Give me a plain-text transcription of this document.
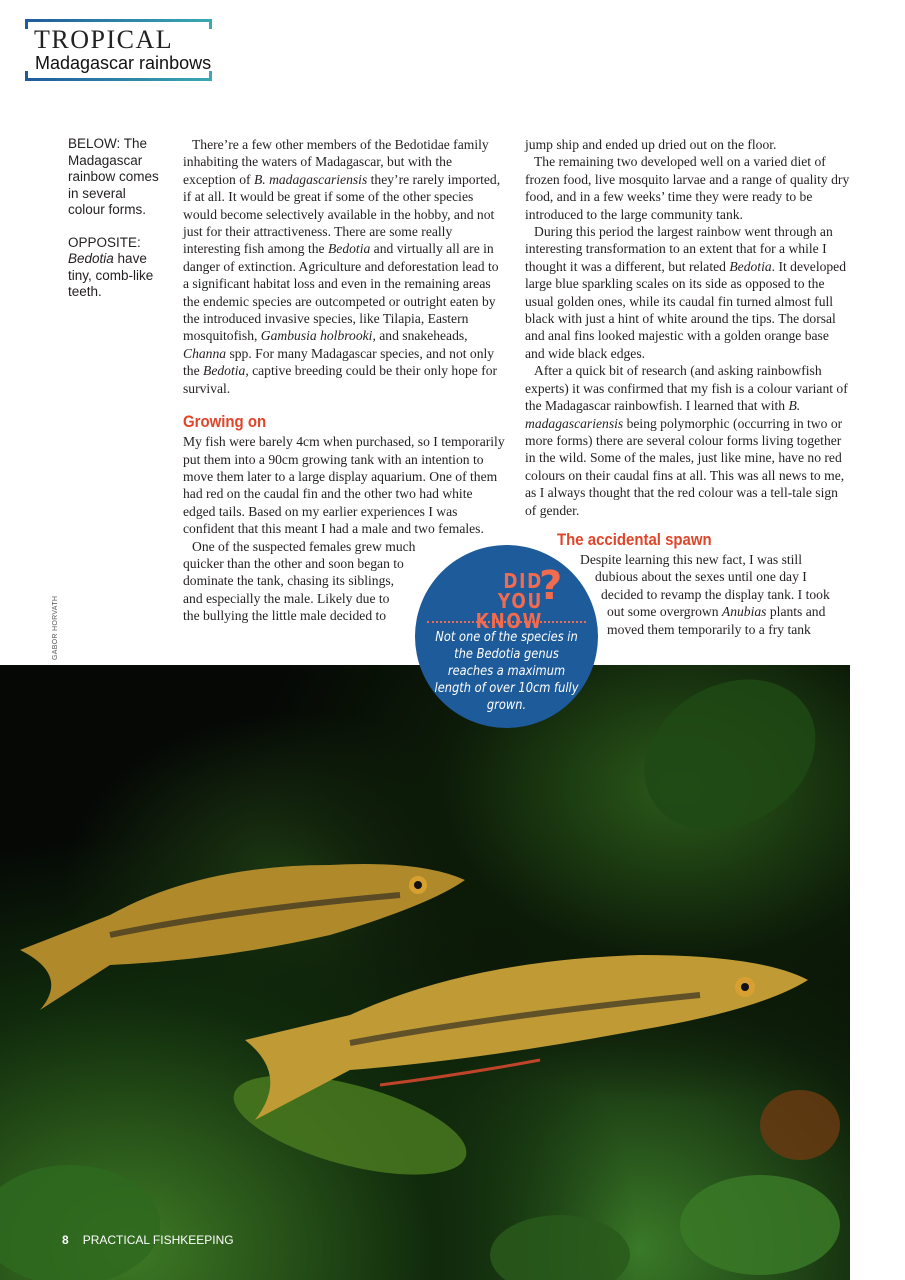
TROPICAL
Madagascar rainbows

BELOW: The Madagascar rainbow comes in several colour forms.

OPPOSITE:
Bedotia have tiny, comb-like teeth.

GABOR HORVATH

There’re a few other members of the Bedotidae family inhabiting the waters of Madagascar, but with the exception of B. madagascariensis they’re rarely imported, if at all. It would be great if some of the other species would become selectively available in the hobby, and not just for their attractiveness. There are some really interesting fish among the Bedotia and virtually all are in danger of extinction. Agriculture and deforestation lead to a significant habitat loss and even in the remaining areas the endemic species are outcompeted or outright eaten by the introduced invasive species, like Tilapia, Eastern mosquitofish, Gambusia holbrooki, and snakeheads, Channa spp. For many Madagascar species, and not only the Bedotia, captive breeding could be their only hope for survival.

Growing on

My fish were barely 4cm when purchased, so I temporarily put them into a 90cm growing tank with an intention to move them later to a large display aquarium. One of them had red on the caudal fin and the other two had white edged tails. Based on my earlier experiences I was confident that this meant I had a male and two females.

One of the suspected females grew much
quicker than the other and soon began to
dominate the tank, chasing its siblings,
and especially the male. Likely due to
the bullying the little male decided to

jump ship and ended up dried out on the floor.

The remaining two developed well on a varied diet of frozen food, live mosquito larvae and a range of quality dry food, and in a few weeks’ time they were ready to be introduced to the large community tank.

During this period the largest rainbow went through an interesting transformation to an extent that for a while I thought it was a different, but related Bedotia. It developed large blue sparkling scales on its side as opposed to the usual golden ones, while its caudal fin turned almost full black with just a hint of white around the tips. The dorsal and anal fins looked majestic with a golden orange base and wide black edges.

After a quick bit of research (and asking rainbowfish experts) it was confirmed that my fish is a colour variant of the Madagascar rainbowfish. I learned that with B. madagascariensis being polymorphic (occurring in two or more forms) there are several colour forms living together in the wild. Some of the males, just like mine, have no red colours on their caudal fins at all. This was all news to me, as I always thought that the red colour was a tell-tale sign of gender.

The accidental spawn
Despite learning this new fact, I was still
dubious about the sexes until one day I
decided to revamp the display tank. I took
out some overgrown Anubias plants and
moved them temporarily to a fry tank
DID YOU
KNOW
?
Not one of the species in the Bedotia genus reaches a maximum length of over 10cm fully grown.
8 PRACTICAL FISHKEEPING
